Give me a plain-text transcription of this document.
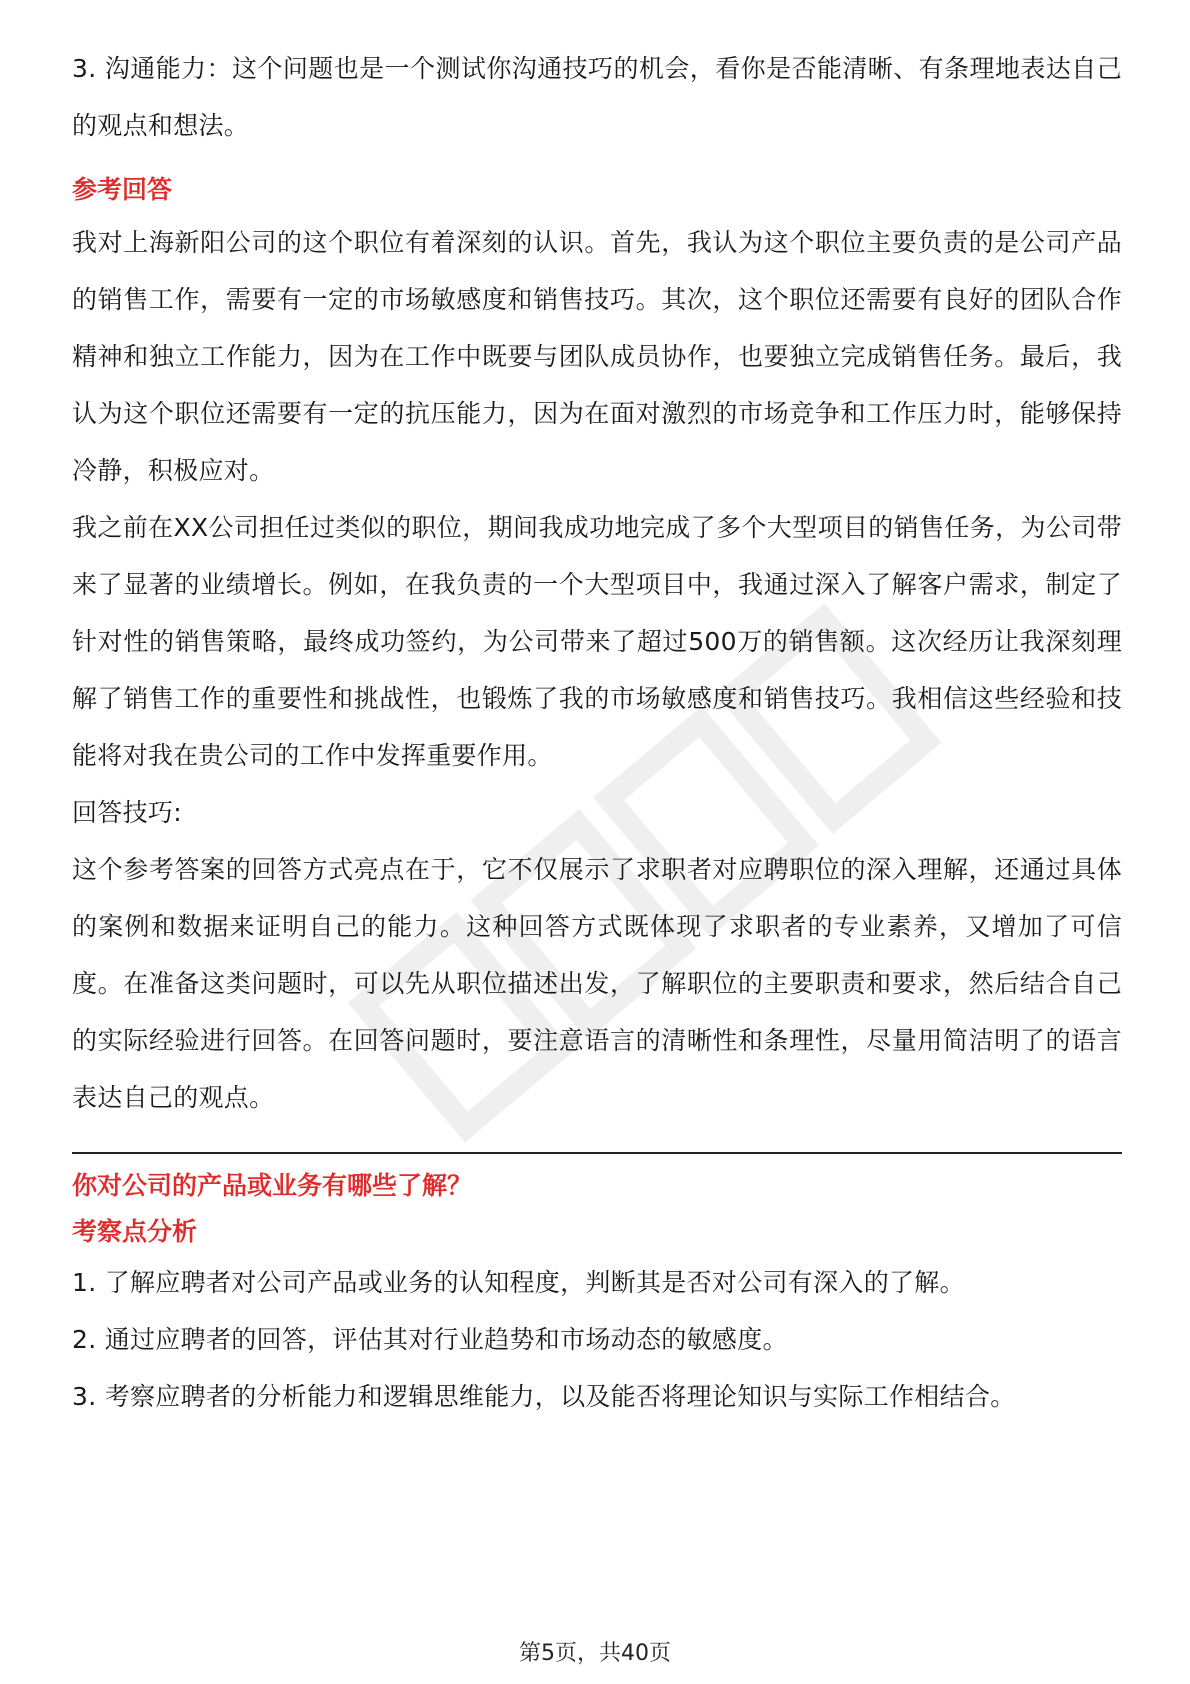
3. 沟通能力：这个问题也是一个测试你沟通技巧的机会，看你是否能清晰、有条理地表达自己的观点和想法。

参考回答

我对上海新阳公司的这个职位有着深刻的认识。首先，我认为这个职位主要负责的是公司产品的销售工作，需要有一定的市场敏感度和销售技巧。其次，这个职位还需要有良好的团队合作精神和独立工作能力，因为在工作中既要与团队成员协作，也要独立完成销售任务。最后，我认为这个职位还需要有一定的抗压能力，因为在面对激烈的市场竞争和工作压力时，能够保持冷静，积极应对。

我之前在XX公司担任过类似的职位，期间我成功地完成了多个大型项目的销售任务，为公司带来了显著的业绩增长。例如，在我负责的一个大型项目中，我通过深入了解客户需求，制定了针对性的销售策略，最终成功签约，为公司带来了超过500万的销售额。这次经历让我深刻理解了销售工作的重要性和挑战性，也锻炼了我的市场敏感度和销售技巧。我相信这些经验和技能将对我在贵公司的工作中发挥重要作用。

回答技巧:

这个参考答案的回答方式亮点在于，它不仅展示了求职者对应聘职位的深入理解，还通过具体的案例和数据来证明自己的能力。这种回答方式既体现了求职者的专业素养，又增加了可信度。在准备这类问题时，可以先从职位描述出发，了解职位的主要职责和要求，然后结合自己的实际经验进行回答。在回答问题时，要注意语言的清晰性和条理性，尽量用简洁明了的语言表达自己的观点。

你对公司的产品或业务有哪些了解？

考察点分析

1. 了解应聘者对公司产品或业务的认知程度，判断其是否对公司有深入的了解。

2. 通过应聘者的回答，评估其对行业趋势和市场动态的敏感度。

3. 考察应聘者的分析能力和逻辑思维能力，以及能否将理论知识与实际工作相结合。

第5页，共40页
